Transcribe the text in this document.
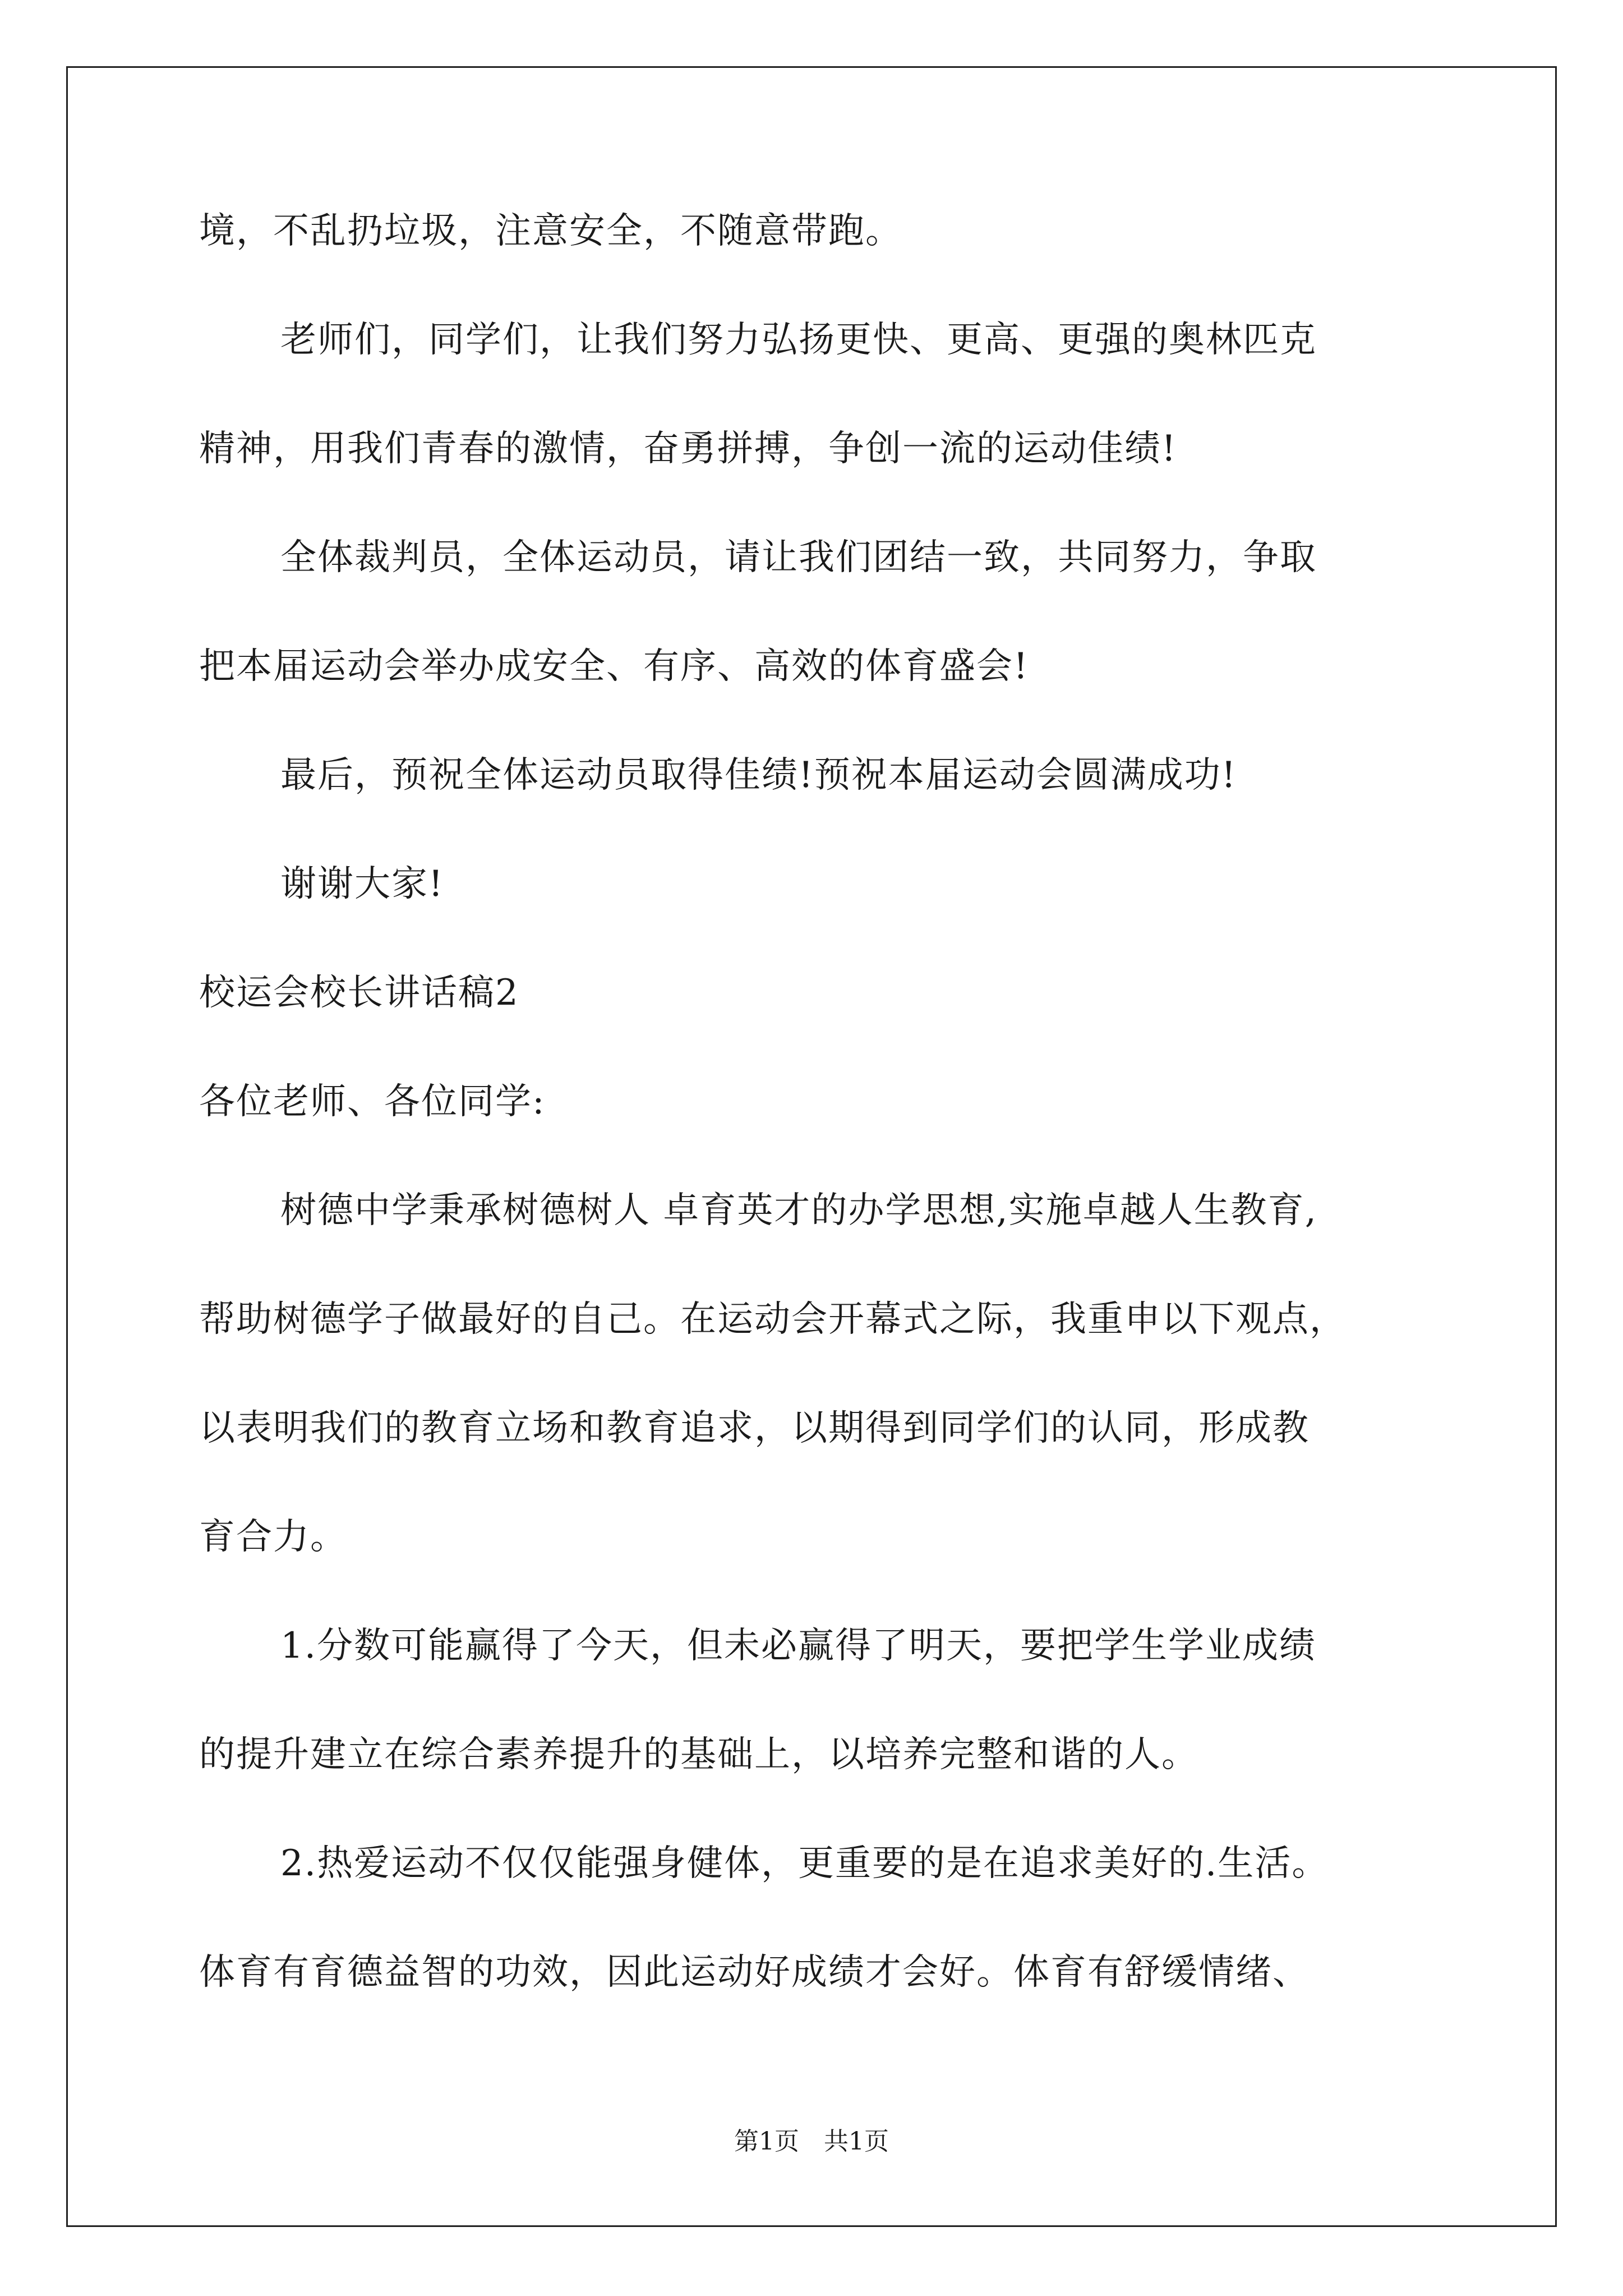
境，不乱扔垃圾，注意安全，不随意带跑。
老师们，同学们，让我们努力弘扬更快、更高、更强的奥林匹克
精神，用我们青春的激情，奋勇拼搏，争创一流的运动佳绩!
全体裁判员，全体运动员，请让我们团结一致，共同努力，争取
把本届运动会举办成安全、有序、高效的体育盛会!
最后，预祝全体运动员取得佳绩!预祝本届运动会圆满成功!
谢谢大家!
校运会校长讲话稿2
各位老师、各位同学:
树德中学秉承树德树人 卓育英才的办学思想,实施卓越人生教育,
帮助树德学子做最好的自己。在运动会开幕式之际，我重申以下观点，
以表明我们的教育立场和教育追求，以期得到同学们的认同，形成教
育合力。
1.分数可能赢得了今天，但未必赢得了明天，要把学生学业成绩
的提升建立在综合素养提升的基础上，以培养完整和谐的人。
2.热爱运动不仅仅能强身健体，更重要的是在追求美好的.生活。
体育有育德益智的功效，因此运动好成绩才会好。体育有舒缓情绪、
第1页　共1页
